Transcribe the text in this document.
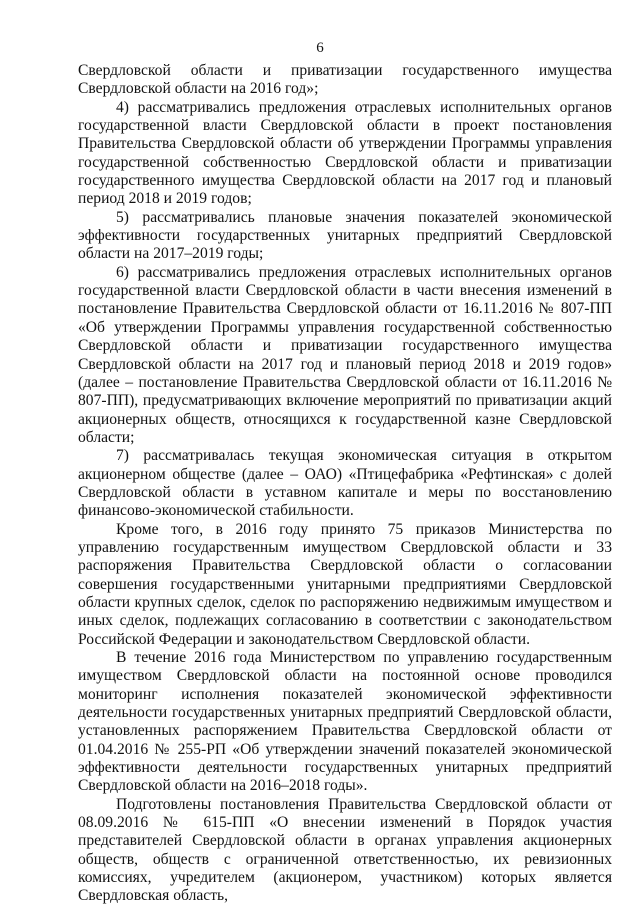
6

Свердловской области и приватизации государственного имущества Свердловской области на 2016 год»;

4) рассматривались предложения отраслевых исполнительных органов государственной власти Свердловской области в проект постановления Правительства Свердловской области об утверждении Программы управления государственной собственностью Свердловской области и приватизации государственного имущества Свердловской области на 2017 год и плановый период 2018 и 2019 годов;

5) рассматривались плановые значения показателей экономической эффективности государственных унитарных предприятий Свердловской области на 2017–2019 годы;

6) рассматривались предложения отраслевых исполнительных органов государственной власти Свердловской области в части внесения изменений в постановление Правительства Свердловской области от 16.11.2016 № 807-ПП «Об утверждении Программы управления государственной собственностью Свердловской области и приватизации государственного имущества Свердловской области на 2017 год и плановый период 2018 и 2019 годов» (далее – постановление Правительства Свердловской области от 16.11.2016 № 807-ПП), предусматривающих включение мероприятий по приватизации акций акционерных обществ, относящихся к государственной казне Свердловской области;

7) рассматривалась текущая экономическая ситуация в открытом акционерном обществе (далее – ОАО) «Птицефабрика «Рефтинская» с долей Свердловской области в уставном капитале и меры по восстановлению финансово-экономической стабильности.

Кроме того, в 2016 году принято 75 приказов Министерства по управлению государственным имуществом Свердловской области и 33 распоряжения Правительства Свердловской области о согласовании совершения государственными унитарными предприятиями Свердловской области крупных сделок, сделок по распоряжению недвижимым имуществом и иных сделок, подлежащих согласованию в соответствии с законодательством Российской Федерации и законодательством Свердловской области.

В течение 2016 года Министерством по управлению государственным имуществом Свердловской области на постоянной основе проводился мониторинг исполнения показателей экономической эффективности деятельности государственных унитарных предприятий Свердловской области, установленных распоряжением Правительства Свердловской области от 01.04.2016 № 255-РП «Об утверждении значений показателей экономической эффективности деятельности государственных унитарных предприятий Свердловской области на 2016–2018 годы».

Подготовлены постановления Правительства Свердловской области от 08.09.2016 № 615-ПП «О внесении изменений в Порядок участия представителей Свердловской области в органах управления акционерных обществ, обществ с ограниченной ответственностью, их ревизионных комиссиях, учредителем (акционером, участником) которых является Свердловская область,
